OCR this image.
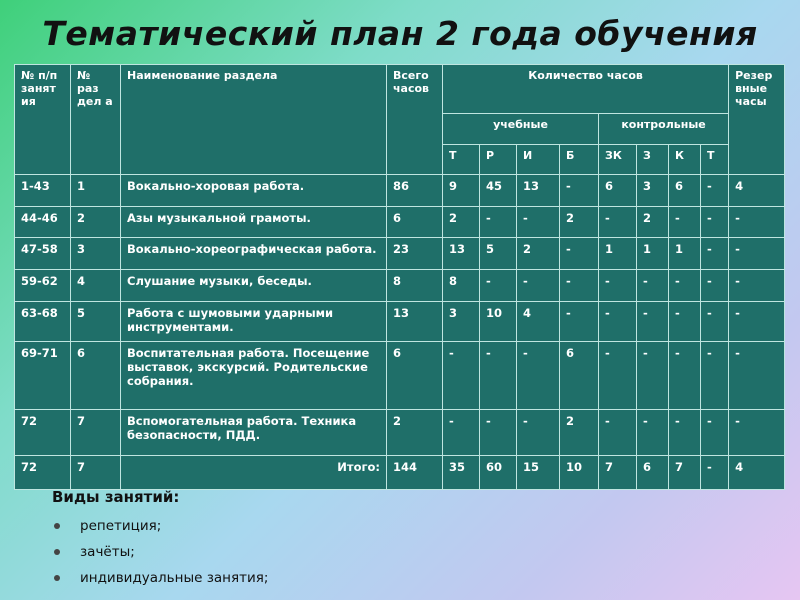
Тематический план 2 года обучения
№ п/п занят ия	№ раз дел а	Наименование раздела	Всего часов	Количество часов								Резер вные часы
				учебные				контрольные				
				Т	Р	И	Б	ЗК	З	К	Т	
1-43	1	Вокально-хоровая работа.	86	9	45	13	-	6	3	6	-	4
44-46	2	Азы музыкальной грамоты.	6	2	-	-	2	-	2	-	-	-
47-58	3	Вокально-хореографическая работа.	23	13	5	2	-	1	1	1	-	-
59-62	4	Слушание музыки, беседы.	8	8	-	-	-	-	-	-	-	-
63-68	5	Работа с шумовыми ударными инструментами.	13	3	10	4	-	-	-	-	-	-
69-71	6	Воспитательная работа. Посещение выставок, экскурсий. Родительские собрания.	6	-	-	-	6	-	-	-	-	-
72	7	Вспомогательная работа. Техника безопасности, ПДД.	2	-	-	-	2	-	-	-	-	-
72	7	Итого:	144	35	60	15	10	7	6	7	-	4
Виды занятий:
репетиция;
зачёты;
индивидуальные занятия;
